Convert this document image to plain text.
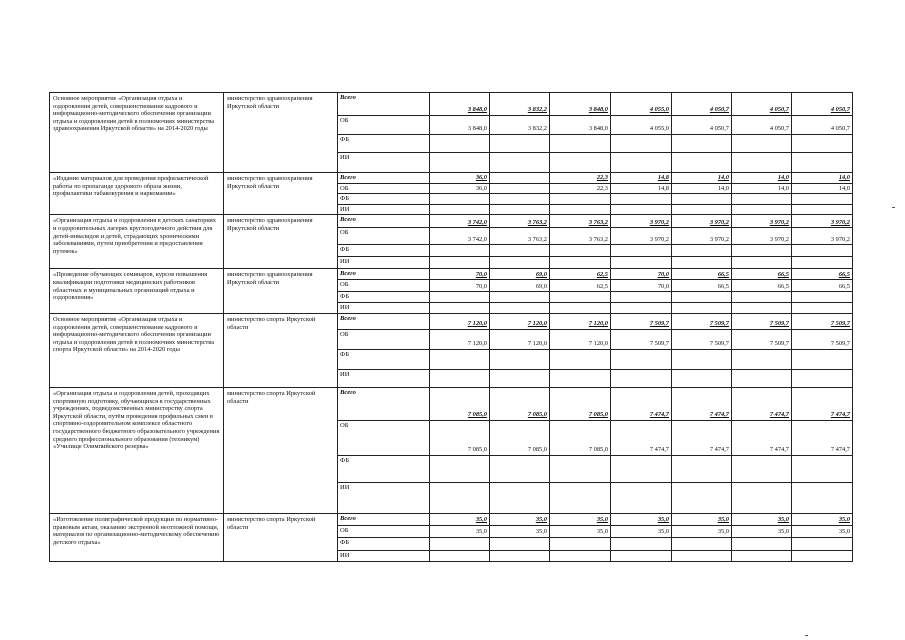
Основное мероприятие «Организация отдыха и оздоровления детей, совершенствование кадрового и информационно-методического обеспечения организации отдыха и оздоровления детей в полномочиях министерства здравоохранения Иркутской области» на 2014-2020 годы	министерство здравоохранения Иркутской области	Всего	3 848,0	3 832,2	3 848,0	4 055,0	4 050,7	4 050,7	4 050,7
		ОБ	3 848,0	3 832,2	3 848,0	4 055,0	4 050,7	4 050,7	4 050,7
		ФБ							
		ИИ							
«Издание материалов для проведения профилактической работы по пропаганде здорового образа жизни, профилактики табакокурения и наркомании»	министерство здравоохранения Иркутской области	Всего	36,0		22,3	14,8	14,0	14,0	14,0
		ОБ	36,0		22,3	14,8	14,0	14,0	14,0
		ФБ							
		ИИ							
«Организация отдыха и оздоровления в детских санаториях и оздоровительных лагерях круглогодичного действия для детей-инвалидов и детей, страдающих хроническими заболеваниями, путем приобретения и предоставления путевок»	министерство здравоохранения Иркутской области	Всего	3 742,0	3 763,2	3 763,2	3 970,2	3 970,2	3 970,2	3 970,2
		ОБ	3 742,0	3 763,2	3 763,2	3 970,2	3 970,2	3 970,2	3 970,2
		ФБ							
		ИИ							
«Проведение обучающих семинаров, курсов повышения квалификации подготовки медицинских работников областных и муниципальных организаций отдыха и оздоровления»	министерство здравоохранения Иркутской области	Всего	70,0	69,0	62,5	70,0	66,5	66,5	66,5
		ОБ	70,0	69,0	62,5	70,0	66,5	66,5	66,5
		ФБ							
		ИИ							
Основное мероприятие «Организация отдыха и оздоровления детей, совершенствование кадрового и информационно-методического обеспечения организации отдыха и оздоровления детей в полномочиях министерства спорта Иркутской области» на 2014-2020 годы	министерство спорта Иркутской области	Всего	7 120,0	7 120,0	7 120,0	7 509,7	7 509,7	7 509,7	7 509,7
		ОБ	7 120,0	7 120,0	7 120,0	7 509,7	7 509,7	7 509,7	7 509,7
		ФБ							
		ИИ							
«Организация отдыха и оздоровления детей, проходящих спортивную подготовку, обучающихся в государственных учреждениях, подведомственных министерству спорта Иркутской области, путём проведения профильных смен в спортивно-оздоровительном комплексе областного государственного бюджетного образовательного учреждения среднего профессионального образования (техникум) «Училище Олимпийского резерва»	министерство спорта Иркутской области	Всего	7 085,0	7 085,0	7 085,0	7 474,7	7 474,7	7 474,7	7 474,7
		ОБ	7 085,0	7 085,0	7 085,0	7 474,7	7 474,7	7 474,7	7 474,7
		ФБ							
		ИИ							
«Изготовление полиграфической продукции по нормативно-правовым актам, оказанию экстренной неотложной помощи, материалов по организационно-методическому обеспечению детского отдыха»	министерство спорта Иркутской области	Всего	35,0	35,0	35,0	35,0	35,0	35,0	35,0
		ОБ	35,0	35,0	35,0	35,0	35,0	35,0	35,0
		ФБ							
		ИИ							
